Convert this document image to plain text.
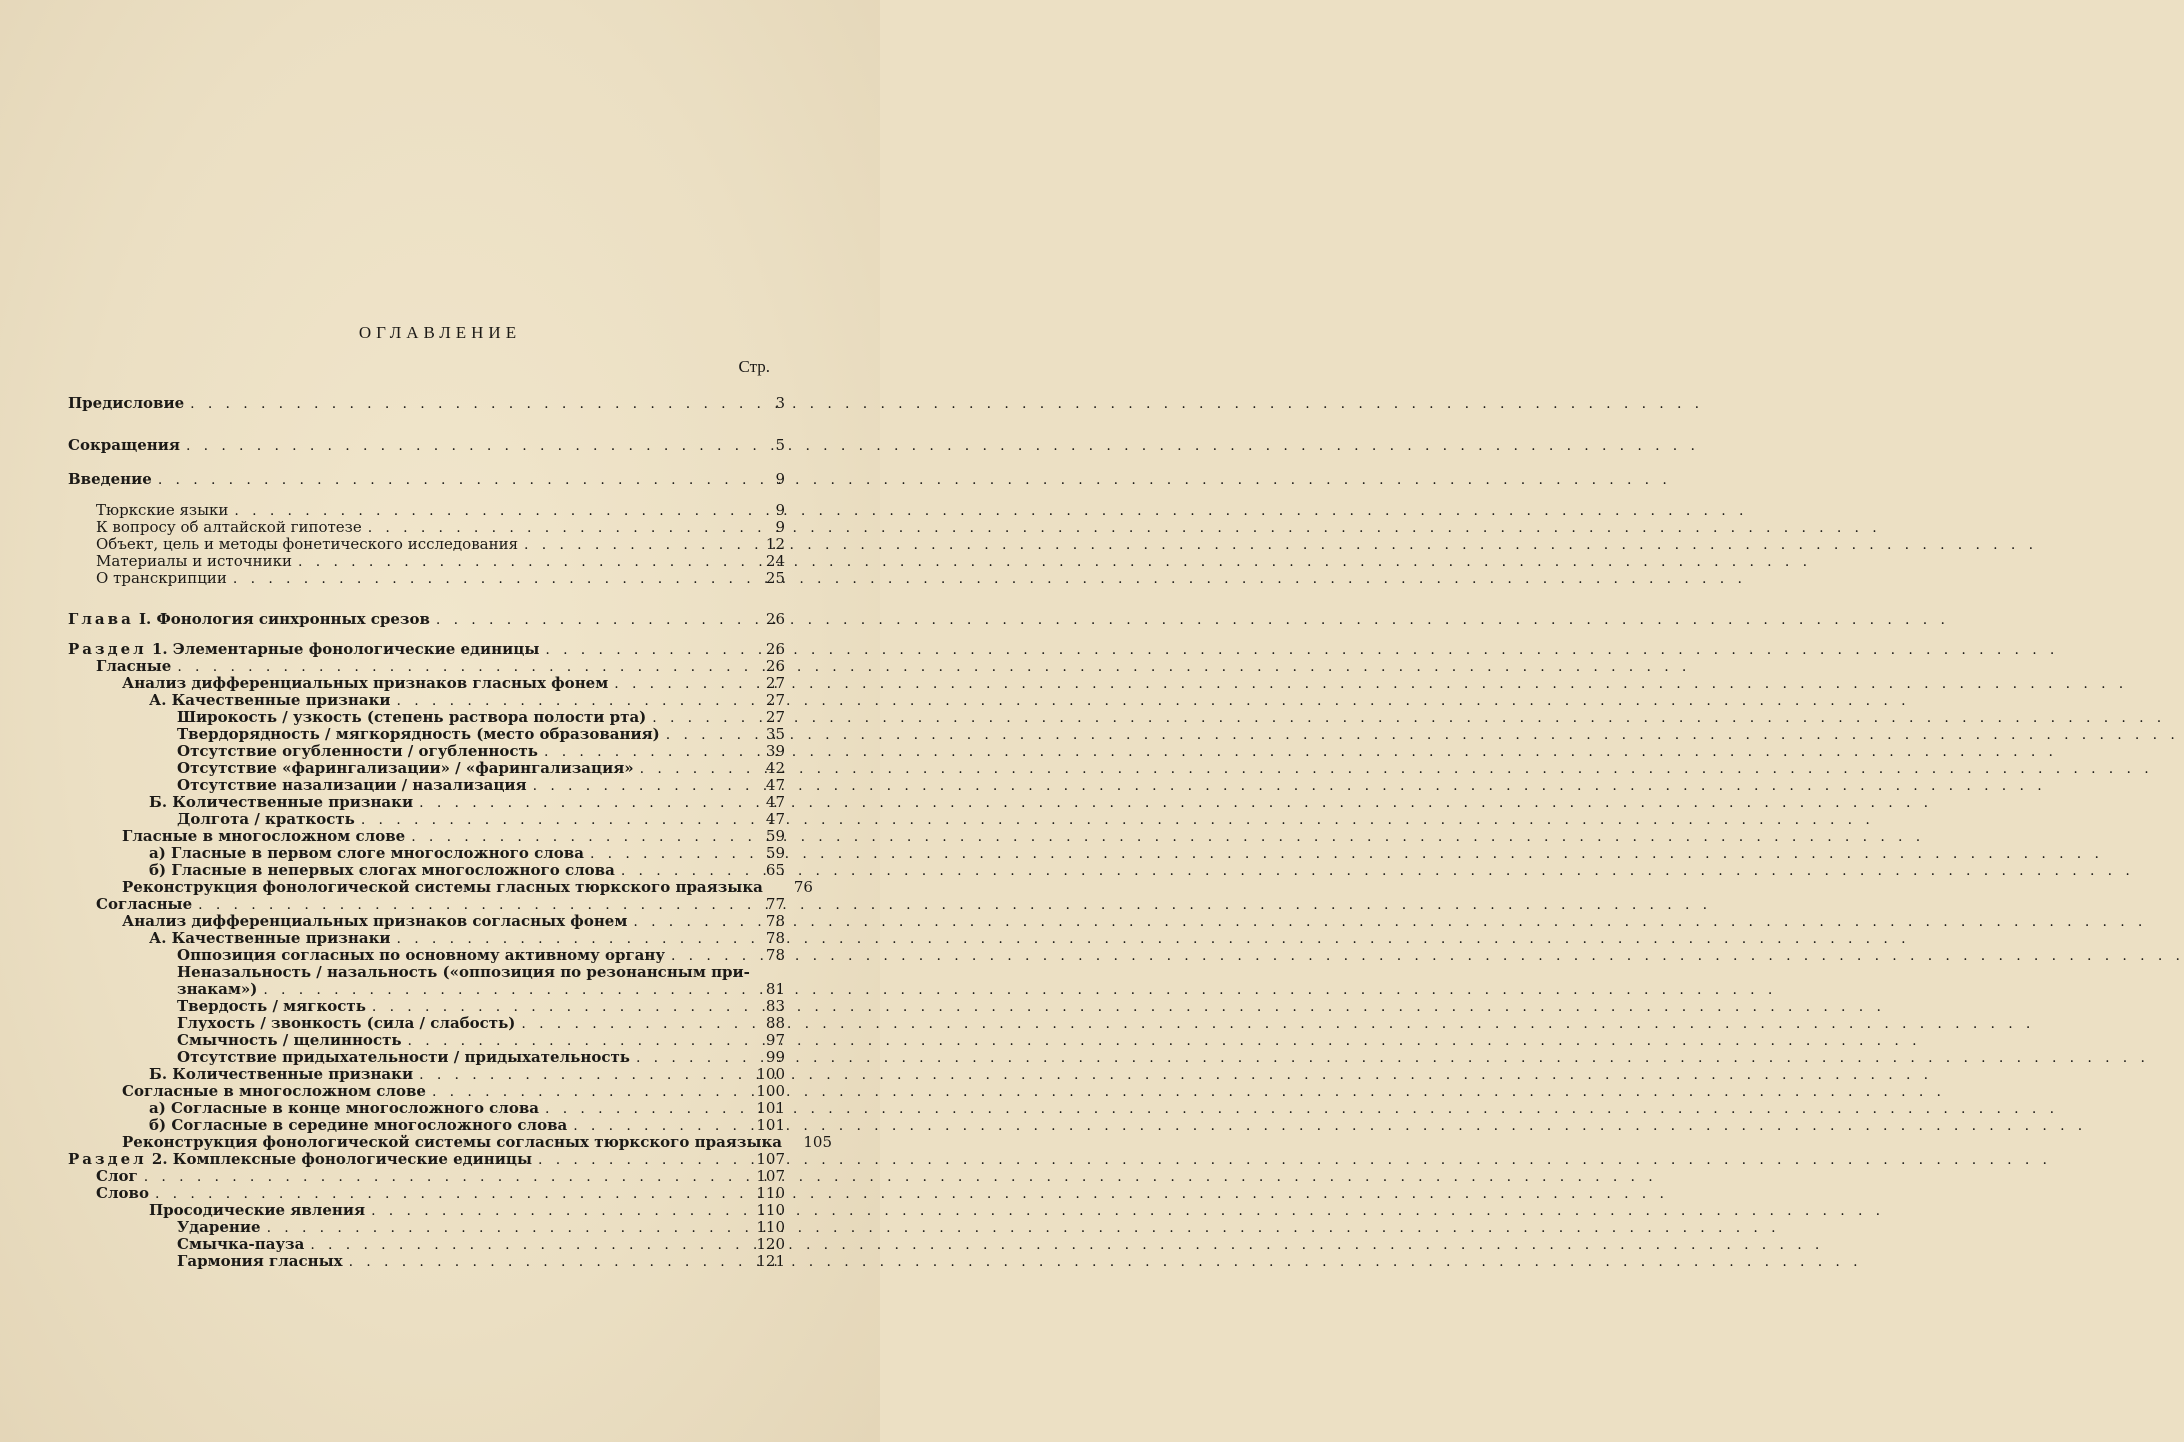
ОГЛАВЛЕНИЕ
Стр.
Предисловие . . .	3
Сокращения . . .	5
Введение . . .	9
Тюркские языки . . .	9
К вопросу об алтайской гипотезе . . .	9
Объект, цель и методы фонетического исследования . . .	12
Материалы и источники . . .	24
О транскрипции . . .	25
Глава I. Фонология синхронных срезов . . .	26
Раздел 1. Элементарные фонологические единицы . . .	26
Гласные . . .	26
Анализ дифференциальных признаков гласных фонем . . .	27
А. Качественные признаки . . .	27
Широкость / узкость (степень раствора полости рта) . . .	27
Твердорядность / мягкорядность (место образования) . . .	35
Отсутствие огубленности / огубленность . . .	39
Отсутствие «фарингализации» / «фарингализация» . . .	42
Отсутствие назализации / назализация . . .	47
Б. Количественные признаки . . .	47
Долгота / краткость . . .	47
Гласные в многосложном слове . . .	59
а) Гласные в первом слоге многосложного слова . . .	59
б) Гласные в непервых слогах многосложного слова . . .	65
Реконструкция фонологической системы гласных тюркского праязыка	76
Согласные . . .	77
Анализ дифференциальных признаков согласных фонем . . .	78
А. Качественные признаки . . .	78
Оппозиция согласных по основному активному органу . . .	78
Неназальность / назальность («оппозиция по резонансным при-
знакам») . . .	81
Твердость / мягкость . . .	83
Глухость / звонкость (сила / слабость) . . .	88
Смычность / щелинность . . .	97
Отсутствие придыхательности / придыхательность . . .	99
Б. Количественные признаки . . .	100
Согласные в многосложном слове . . .	100
а) Согласные в конце многосложного слова . . .	101
б) Согласные в середине многосложного слова . . .	101
Реконструкция фонологической системы согласных тюркского праязыка 105
Раздел 2. Комплексные фонологические единицы . . .	107
Слог . . .	107
Слово . . .	110
Просодические явления . . .	110
Ударение . . .	110
Смычка-пауза . . .	120
Гармония гласных . . .	121
